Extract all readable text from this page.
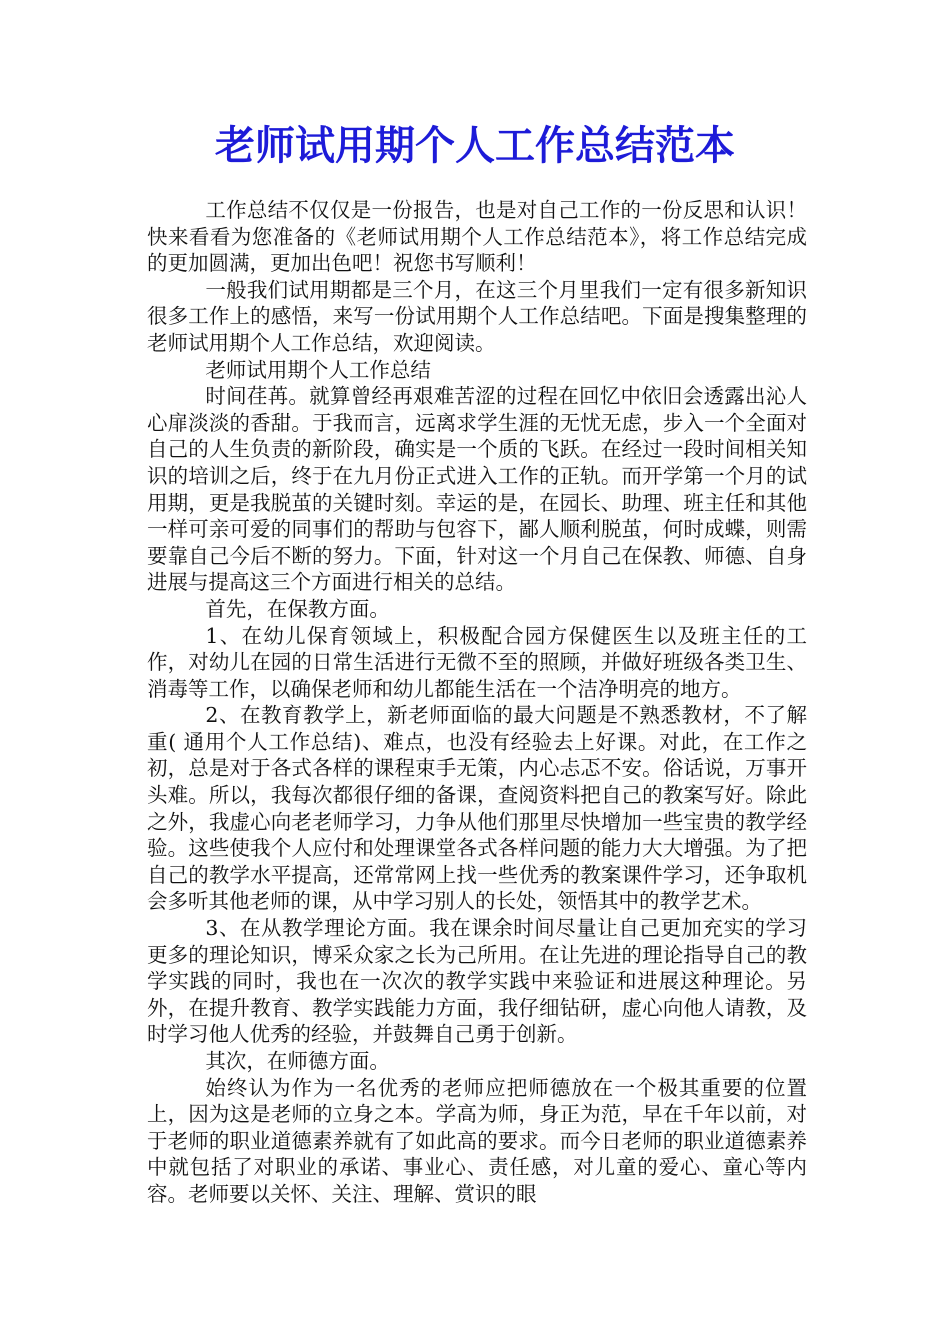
老师试用期个人工作总结范本

工作总结不仅仅是一份报告，也是对自己工作的一份反思和认识！快来看看为您准备的《老师试用期个人工作总结范本》，将工作总结完成的更加圆满，更加出色吧！祝您书写顺利！

一般我们试用期都是三个月，在这三个月里我们一定有很多新知识很多工作上的感悟，来写一份试用期个人工作总结吧。下面是搜集整理的老师试用期个人工作总结，欢迎阅读。

老师试用期个人工作总结

时间荏苒。就算曾经再艰难苦涩的过程在回忆中依旧会透露出沁人心扉淡淡的香甜。于我而言，远离求学生涯的无忧无虑，步入一个全面对自己的人生负责的新阶段，确实是一个质的飞跃。在经过一段时间相关知识的培训之后，终于在九月份正式进入工作的正轨。而开学第一个月的试用期，更是我脱茧的关键时刻。幸运的是，在园长、助理、班主任和其他一样可亲可爱的同事们的帮助与包容下，鄙人顺利脱茧，何时成蝶，则需要靠自己今后不断的努力。下面，针对这一个月自己在保教、师德、自身进展与提高这三个方面进行相关的总结。

首先，在保教方面。

1、在幼儿保育领域上，积极配合园方保健医生以及班主任的工作，对幼儿在园的日常生活进行无微不至的照顾，并做好班级各类卫生、消毒等工作，以确保老师和幼儿都能生活在一个洁净明亮的地方。

2、在教育教学上，新老师面临的最大问题是不熟悉教材，不了解重( 通用个人工作总结)、难点，也没有经验去上好课。对此，在工作之初，总是对于各式各样的课程束手无策，内心忐忑不安。俗话说，万事开头难。所以，我每次都很仔细的备课，查阅资料把自己的教案写好。除此之外，我虚心向老老师学习，力争从他们那里尽快增加一些宝贵的教学经验。这些使我个人应付和处理课堂各式各样问题的能力大大增强。为了把自己的教学水平提高，还常常网上找一些优秀的教案课件学习，还争取机会多听其他老师的课，从中学习别人的长处，领悟其中的教学艺术。

3、在从教学理论方面。我在课余时间尽量让自己更加充实的学习更多的理论知识，博采众家之长为己所用。在让先进的理论指导自己的教学实践的同时，我也在一次次的教学实践中来验证和进展这种理论。另外，在提升教育、教学实践能力方面，我仔细钻研，虚心向他人请教，及时学习他人优秀的经验，并鼓舞自己勇于创新。

其次，在师德方面。

始终认为作为一名优秀的老师应把师德放在一个极其重要的位置上，因为这是老师的立身之本。学高为师，身正为范，早在千年以前，对于老师的职业道德素养就有了如此高的要求。而今日老师的职业道德素养中就包括了对职业的承诺、事业心、责任感，对儿童的爱心、童心等内容。老师要以关怀、关注、理解、赏识的眼
